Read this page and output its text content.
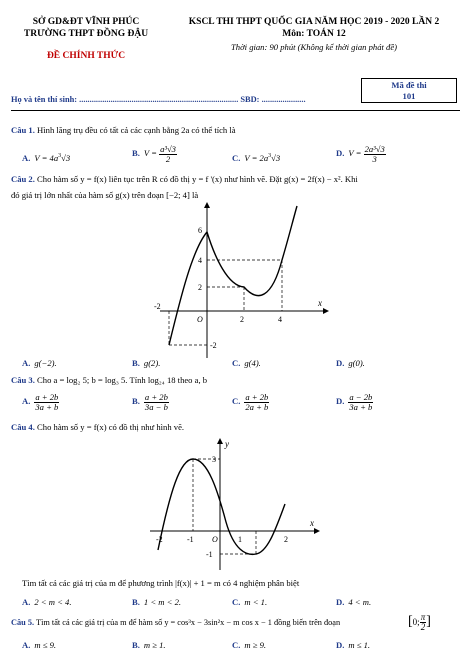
SỞ GD&ĐT VĨNH PHÚC
TRƯỜNG THPT ĐỒNG ĐẬU
ĐỀ CHÍNH THỨC
KSCL THI THPT QUỐC GIA NĂM HỌC 2019 - 2020 LẦN 2
Môn: TOÁN 12
Thời gian: 90 phút (Không kể thời gian phát đề)
Mã đề thi
101
Họ và tên thí sinh: ............................................................................ SBD: .....................
Câu 1. Hình lăng trụ đều có tất cả các cạnh bằng 2a có thể tích là
A. $V = 4a^3√3$	B. $V = \frac{\text{a³√3}}{2}$	C. $V = 2a^3√3$	D. $V = \frac{\text{2a³√3}}{3}$
Câu 2. Cho hàm số y = f(x) liên tục trên R có đồ thị y = f '(x) như hình vẽ. Đặt g(x) = 2f(x) − x². Khi
đó giá trị lớn nhất của hàm số g(x) trên đoạn [−2; 4] là
x
-2
2	4
O
6
4
2
-2
A. g(−2).	B. g(2).	C. g(4).	D. g(0).
Câu 3. Cho a = log₂ 5; b = log₃ 5. Tính log₂₄ 18 theo a, b
A. $\frac{a + 2b}{3a + b}$	B. $\frac{a + 2b}{3a - b}$	C. $\frac{a + 2b}{2a + b}$	D. $\frac{a - 2b}{3a + b}$
Câu 4. Cho hàm số y = f(x) có đồ thị như hình vẽ.
y
x
3
-2	-1 O	1	2
-1
Tìm tất cả các giá trị của m để phương trình |f(x)| + 1 = m có 4 nghiệm phân biệt
A. 2 < m < 4.	B. 1 < m < 2.	C. m < 1.	D. 4 < m.
Câu 5. Tìm tất cả các giá trị của m để hàm số y = cos³x − 3sin²x − m cos x − 1 đồng biến trên đoạn	[0; $\frac{\pi}{2}$ ]
A. m ≤ 9.	B. m ≥ 1.	C. m ≥ 9.	D. m ≤ 1.
